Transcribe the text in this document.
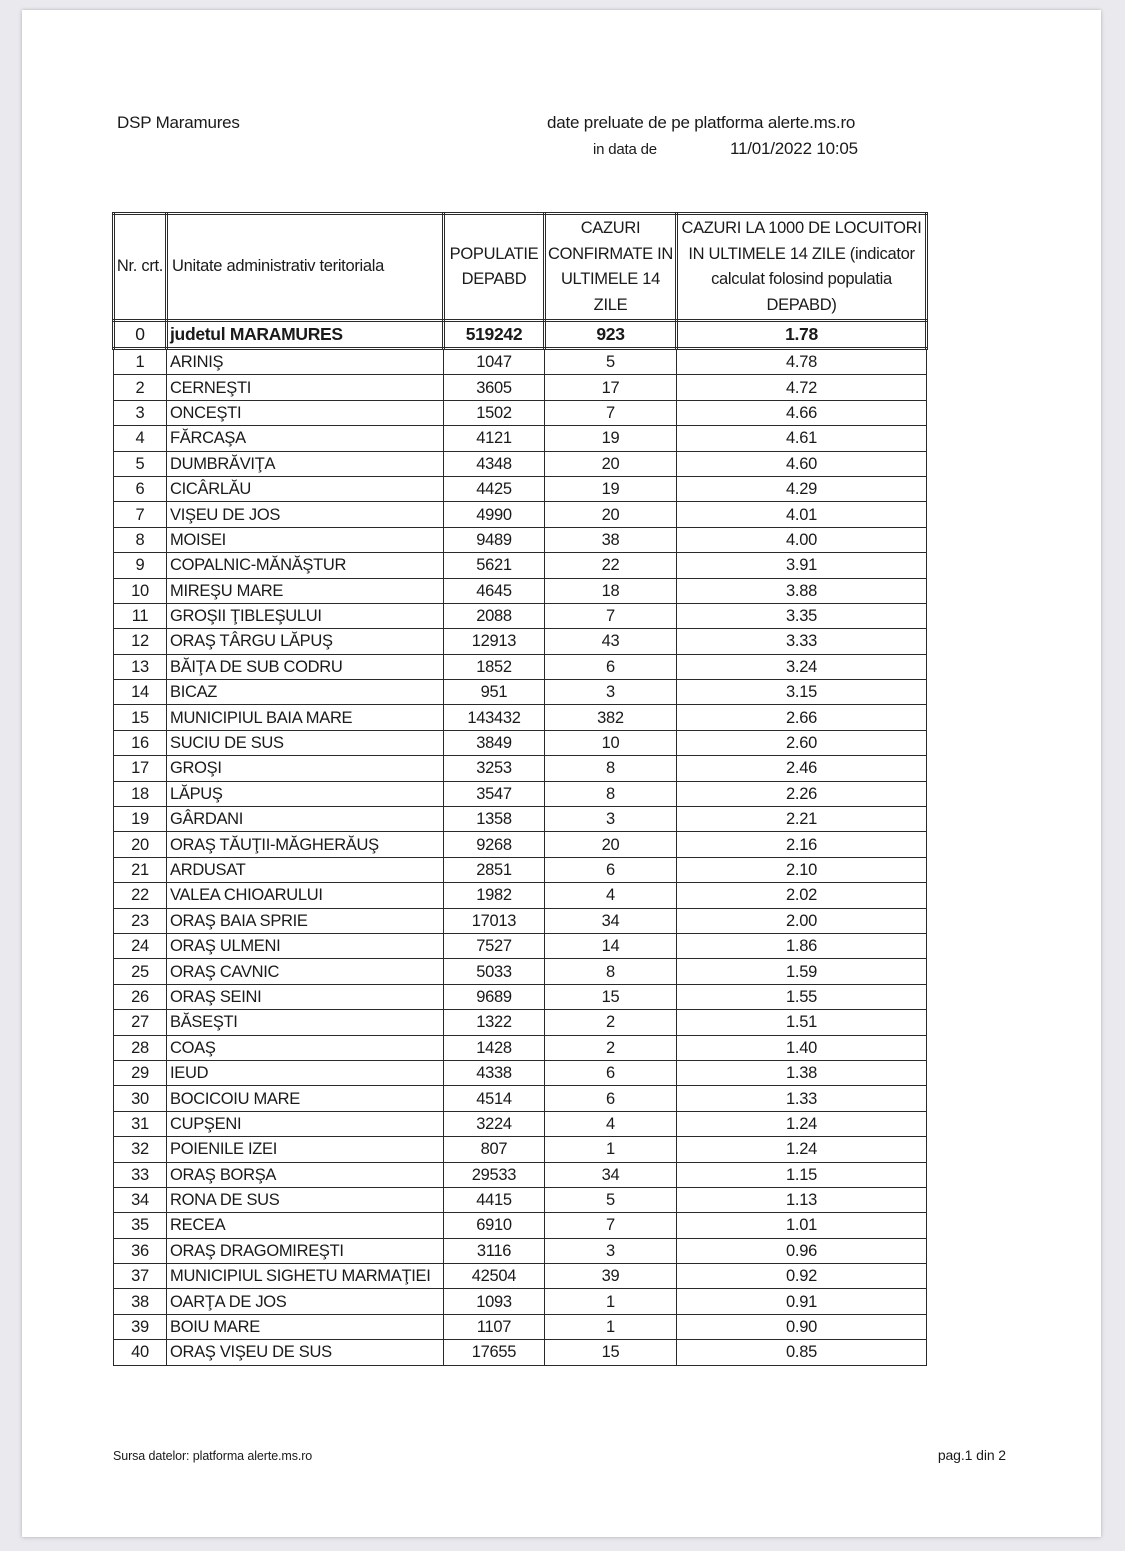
DSP Maramures	date preluate de pe platforma alerte.ms.ro
in data de	11/01/2022 10:05
Nr. crt.	Unitate administrativ teritoriala	POPULATIE DEPABD	CAZURI CONFIRMATE IN ULTIMELE 14 ZILE	CAZURI LA 1000 DE LOCUITORI IN ULTIMELE 14 ZILE (indicator calculat folosind populatia DEPABD)
0	judetul MARAMURES	519242	923	1.78
1	ARINIŞ	1047	5	4.78
2	CERNEŞTI	3605	17	4.72
3	ONCEŞTI	1502	7	4.66
4	FĂRCAŞA	4121	19	4.61
5	DUMBRĂVIŢA	4348	20	4.60
6	CICÂRLĂU	4425	19	4.29
7	VIŞEU DE JOS	4990	20	4.01
8	MOISEI	9489	38	4.00
9	COPALNIC-MĂNĂŞTUR	5621	22	3.91
10	MIREŞU MARE	4645	18	3.88
11	GROŞII ŢIBLEŞULUI	2088	7	3.35
12	ORAŞ TÂRGU LĂPUŞ	12913	43	3.33
13	BĂIŢA DE SUB CODRU	1852	6	3.24
14	BICAZ	951	3	3.15
15	MUNICIPIUL BAIA MARE	143432	382	2.66
16	SUCIU DE SUS	3849	10	2.60
17	GROŞI	3253	8	2.46
18	LĂPUŞ	3547	8	2.26
19	GÂRDANI	1358	3	2.21
20	ORAŞ TĂUŢII-MĂGHERĂUŞ	9268	20	2.16
21	ARDUSAT	2851	6	2.10
22	VALEA CHIOARULUI	1982	4	2.02
23	ORAŞ BAIA SPRIE	17013	34	2.00
24	ORAŞ ULMENI	7527	14	1.86
25	ORAŞ CAVNIC	5033	8	1.59
26	ORAŞ SEINI	9689	15	1.55
27	BĂSEŞTI	1322	2	1.51
28	COAŞ	1428	2	1.40
29	IEUD	4338	6	1.38
30	BOCICOIU MARE	4514	6	1.33
31	CUPŞENI	3224	4	1.24
32	POIENILE IZEI	807	1	1.24
33	ORAŞ BORŞA	29533	34	1.15
34	RONA DE SUS	4415	5	1.13
35	RECEA	6910	7	1.01
36	ORAŞ DRAGOMIREŞTI	3116	3	0.96
37	MUNICIPIUL SIGHETU MARMAŢIEI	42504	39	0.92
38	OARŢA DE JOS	1093	1	0.91
39	BOIU MARE	1107	1	0.90
40	ORAŞ VIŞEU DE SUS	17655	15	0.85
Sursa datelor: platforma alerte.ms.ro	pag.1 din 2
